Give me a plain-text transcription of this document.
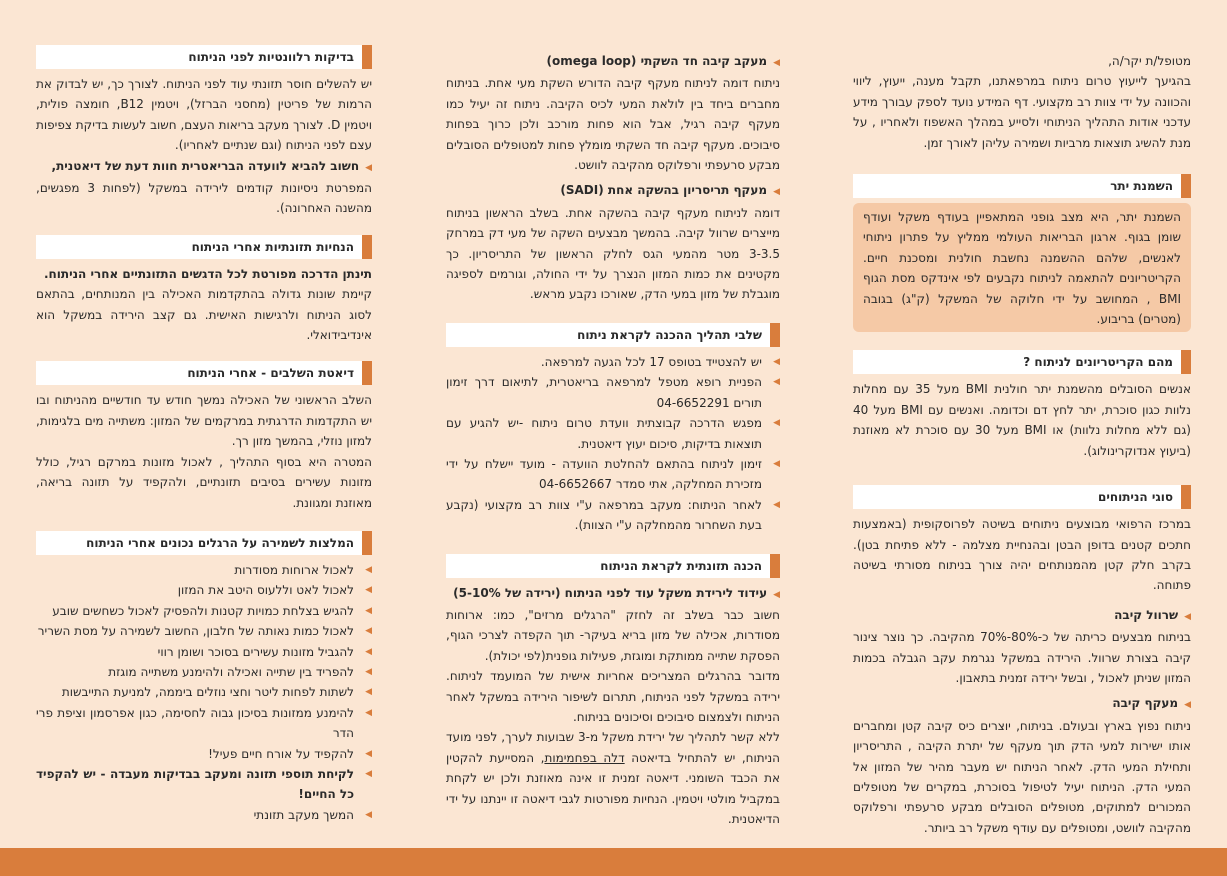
מטופל/ת יקר/ה,
בהגיעך לייעוץ טרום ניתוח במרפאתנו, תקבל מענה, ייעוץ, ליווי והכוונה על ידי צוות רב מקצועי. דף המידע נועד לספק עבורך מידע עדכני אודות התהליך הניתוחי ולסייע במהלך האשפוז ולאחריו , על מנת להשיג תוצאות מרביות ושמירה עליהן לאורך זמן.

השמנת יתר

השמנת יתר, היא מצב גופני המתאפיין בעודף משקל ועודף שומן בגוף. ארגון הבריאות העולמי ממליץ על פתרון ניתוחי לאנשים, שלהם ההשמנה נחשבת חולנית ומסכנת חיים. הקריטריונים להתאמה לניתוח נקבעים לפי אינדקס מסת הגוף BMI , המחושב על ידי חלוקה של המשקל (ק"ג) בגובה (מטרים) בריבוע.

מהם הקריטריונים לניתוח ?

אנשים הסובלים מהשמנת יתר חולנית BMI מעל 35 עם מחלות נלוות כגון סוכרת, יתר לחץ דם וכדומה. ואנשים עם BMI מעל 40 (גם ללא מחלות נלוות) או BMI מעל 30 עם סוכרת לא מאוזנת (ביעוץ אנדוקרינולוג).

סוגי הניתוחים

במרכז הרפואי מבוצעים ניתוחים בשיטה לפרוסקופית (באמצעות חתכים קטנים בדופן הבטן ובהנחיית מצלמה - ללא פתיחת בטן). בקרב חלק קטן מהמנותחים יהיה צורך בניתוח מסורתי בשיטה פתוחה.

◀ שרוול קיבה

בניתוח מבצעים כריתה של כ-80%-70% מהקיבה. כך נוצר צינור קיבה בצורת שרוול. הירידה במשקל נגרמת עקב הגבלה בכמות המזון שניתן לאכול , ובשל ירידה זמנית בתאבון.

◀ מעקף קיבה

ניתוח נפוץ בארץ ובעולם. בניתוח, יוצרים כיס קיבה קטן ומחברים אותו ישירות למעי הדק תוך מעקף של יתרת הקיבה , התריסריון ותחילת המעי הדק. לאחר הניתוח יש מעבר מהיר של המזון אל המעי הדק. הניתוח יעיל לטיפול בסוכרת, במקרים של מטופלים המכורים למתוקים, מטופלים הסובלים מבקע סרעפתי ורפלוקס מהקיבה לוושט, ומטופלים עם עודף משקל רב ביותר.

◀ מעקב קיבה חד השקתי (omega loop)

ניתוח דומה לניתוח מעקף קיבה הדורש השקת מעי אחת. בניתוח מחברים ביחד בין לולאת המעי לכיס הקיבה. ניתוח זה יעיל כמו מעקף קיבה רגיל, אבל הוא פחות מורכב ולכן כרוך בפחות סיבוכים. מעקף קיבה חד השקתי מומלץ פחות למטופלים הסובלים מבקע סרעפתי ורפלוקס מהקיבה לוושט.

◀ מעקף תריסריון בהשקה אחת (SADI)

דומה לניתוח מעקף קיבה בהשקה אחת. בשלב הראשון בניתוח מייצרים שרוול קיבה. בהמשך מבצעים השקה של מעי דק במרחק 3-3.5 מטר מהמעי הגס לחלק הראשון של התריסריון. כך מקטינים את כמות המזון הנצרך על ידי החולה, וגורמים לספיגה מוגבלת של מזון במעי הדק, שאורכו נקבע מראש.

שלבי תהליך ההכנה לקראת ניתוח
◀ יש להצטייד בטופס 17 לכל הגעה למרפאה.
◀ הפניית רופא מטפל למרפאה בריאטרית, לתיאום דרך זימון תורים 04-6652291
◀ מפגש הדרכה קבוצתית וועדת טרום ניתוח -יש להגיע עם תוצאות בדיקות, סיכום יעוץ דיאטנית.
◀ זימון לניתוח בהתאם להחלטת הוועדה - מועד יישלח על ידי מזכירת המחלקה, אתי סמדר 04-6652667
◀ לאחר הניתוח: מעקב במרפאה ע"י צוות רב מקצועי (נקבע בעת השחרור מהמחלקה ע"י הצוות).
הכנה תזונתית לקראת הניתוח
◀ עידוד לירידת משקל עוד לפני הניתוח (ירידה של 5-10%)

חשוב כבר בשלב זה לחזק "הרגלים מרזים", כמו: ארוחות מסודרות, אכילה של מזון בריא בעיקר- תוך הקפדה לצרכי הגוף, הפסקת שתייה ממותקת ומוגזת, פעילות גופנית(לפי יכולת).

מדובר בהרגלים המצריכים אחריות אישית של המועמד לניתוח. ירידה במשקל לפני הניתוח, תתרום לשיפור הירידה במשקל לאחר הניתוח ולצמצום סיבוכים וסיכונים בניתוח.

ללא קשר לתהליך של ירידת משקל מ-3 שבועות לערך, לפני מועד הניתוח, יש להתחיל בדיאטה דלה בפחמימות, המסייעת להקטין את הכבד השומני. דיאטה זמנית זו אינה מאוזנת ולכן יש לקחת במקביל מולטי ויטמין. הנחיות מפורטות לגבי דיאטה זו יינתנו על ידי הדיאטנית.

בדיקות רלוונטיות לפני הניתוח

יש להשלים חוסר תזונתי עוד לפני הניתוח. לצורך כך, יש לבדוק את הרמות של פריטין (מחסני הברזל), ויטמין B12, חומצה פולית, ויטמין D. לצורך מעקב בריאות העצם, חשוב לעשות בדיקת צפיפות עצם לפני הניתוח (וגם שנתיים לאחריו).

◀ חשוב להביא לוועדה הבריאטרית חוות דעת של דיאטנית,

המפרטת ניסיונות קודמים לירידה במשקל (לפחות 3 מפגשים, מהשנה האחרונה).

הנחיות תזונתיות אחרי הניתוח

תינתן הדרכה מפורטת לכל הדגשים התזונתיים אחרי הניתוח.

קיימת שונות גדולה בהתקדמות האכילה בין המנותחים, בהתאם לסוג הניתוח ולרגישות האישית. גם קצב הירידה במשקל הוא אינדיבידואלי.

דיאטת השלבים - אחרי הניתוח

השלב הראשוני של האכילה נמשך חודש עד חודשיים מהניתוח ובו יש התקדמות הדרגתית במרקמים של המזון: משתייה מים בלגימות, למזון נוזלי, בהמשך מזון רך.

המטרה היא בסוף התהליך , לאכול מזונות במרקם רגיל, כולל מזונות עשירים בסיבים תזונתיים, ולהקפיד על תזונה בריאה, מאוזנת ומגוונת.

המלצות לשמירה על הרגלים נכונים אחרי הניתוח
◀ לאכול ארוחות מסודרות
◀ לאכול לאט וללעוס היטב את המזון
◀ להגיש בצלחת כמויות קטנות ולהפסיק לאכול כשחשים שובע
◀ לאכול כמות נאותה של חלבון, החשוב לשמירה על מסת השריר
◀ להגביל מזונות עשירים בסוכר ושומן רווי
◀ להפריד בין שתייה ואכילה ולהימנע משתייה מוגזת
◀ לשתות לפחות ליטר וחצי נוזלים ביממה, למניעת התייבשות
◀ להימנע ממזונות בסיכון גבוה לחסימה, כגון אפרסמון וציפת פרי הדר
◀ להקפיד על אורח חיים פעיל!
◀ לקיחת תוספי תזונה ומעקב בבדיקות מעבדה - יש להקפיד כל החיים!
◀ המשך מעקב תזונתי
